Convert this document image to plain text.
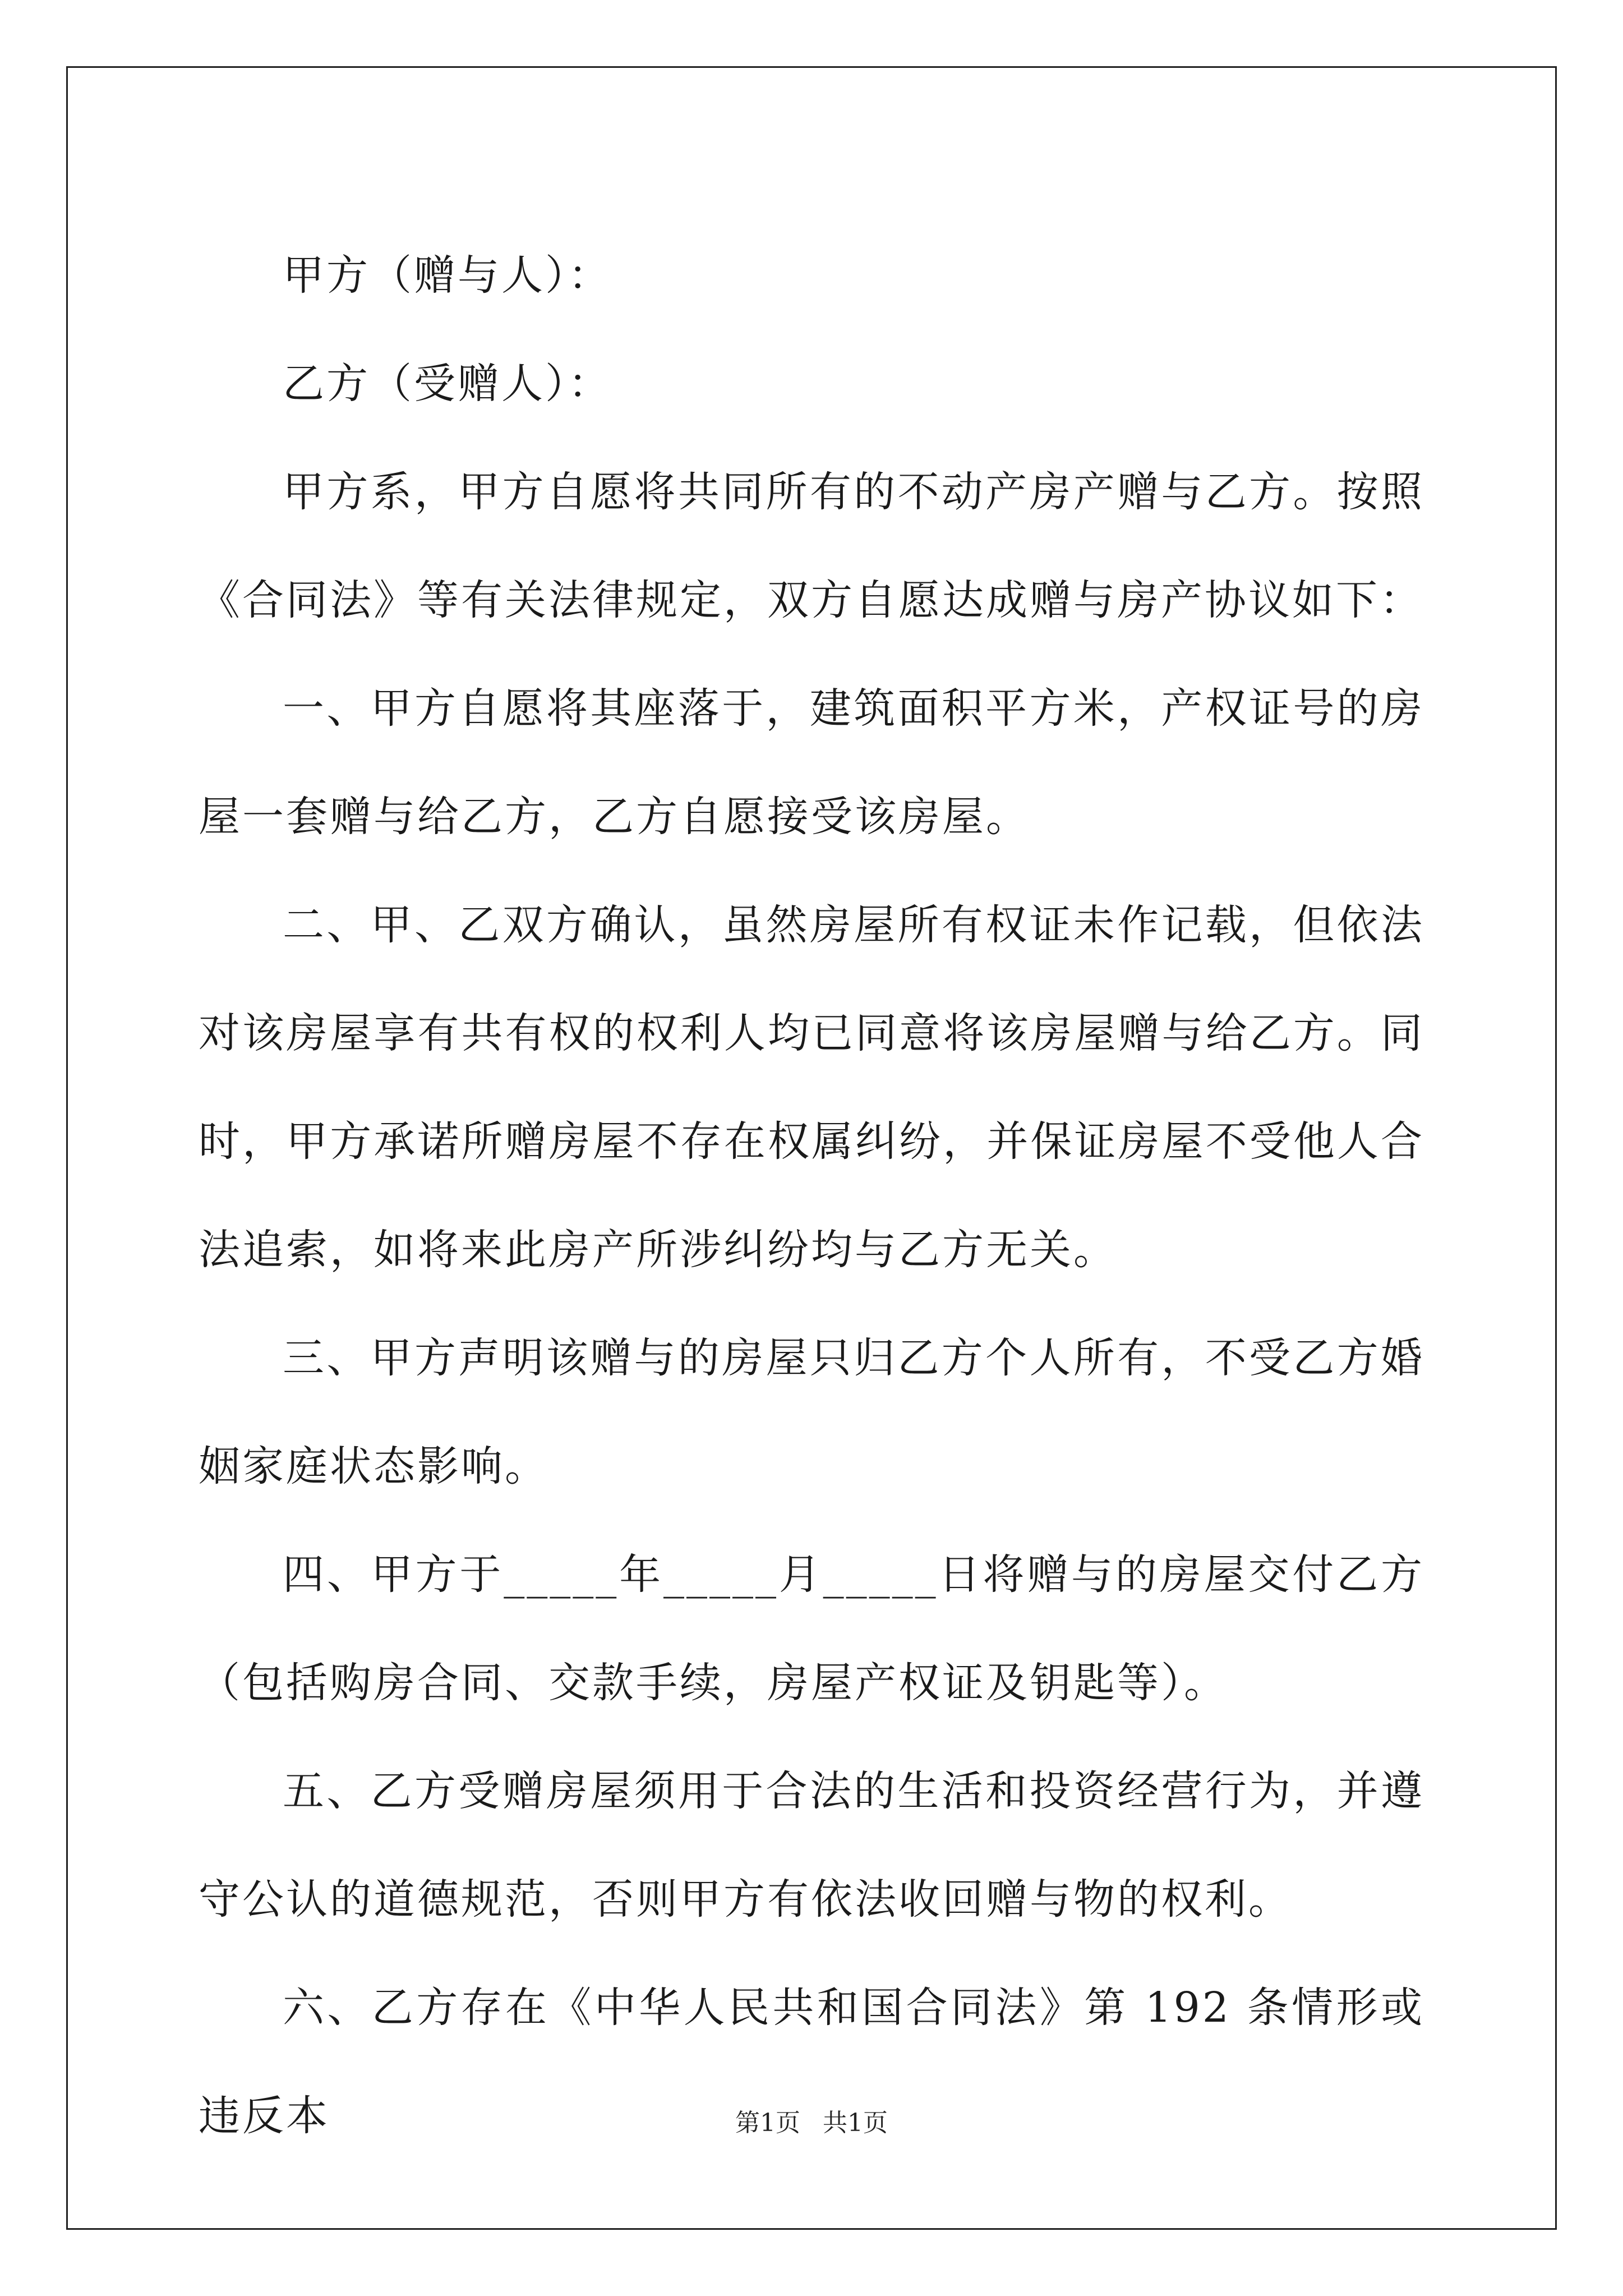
甲方（赠与人）：

乙方（受赠人）：

甲方系，甲方自愿将共同所有的不动产房产赠与乙方。按照《合同法》等有关法律规定，双方自愿达成赠与房产协议如下：

一、甲方自愿将其座落于，建筑面积平方米，产权证号的房屋一套赠与给乙方，乙方自愿接受该房屋。

二、甲、乙双方确认，虽然房屋所有权证未作记载，但依法对该房屋享有共有权的权利人均已同意将该房屋赠与给乙方。同时，甲方承诺所赠房屋不存在权属纠纷，并保证房屋不受他人合法追索，如将来此房产所涉纠纷均与乙方无关。

三、甲方声明该赠与的房屋只归乙方个人所有，不受乙方婚姻家庭状态影响。

四、甲方于_____年_____月_____日将赠与的房屋交付乙方（包括购房合同、交款手续，房屋产权证及钥匙等）。

五、乙方受赠房屋须用于合法的生活和投资经营行为，并遵守公认的道德规范，否则甲方有依法收回赠与物的权利。

六、乙方存在《中华人民共和国合同法》第 192 条情形或违反本	第1页 共1页
